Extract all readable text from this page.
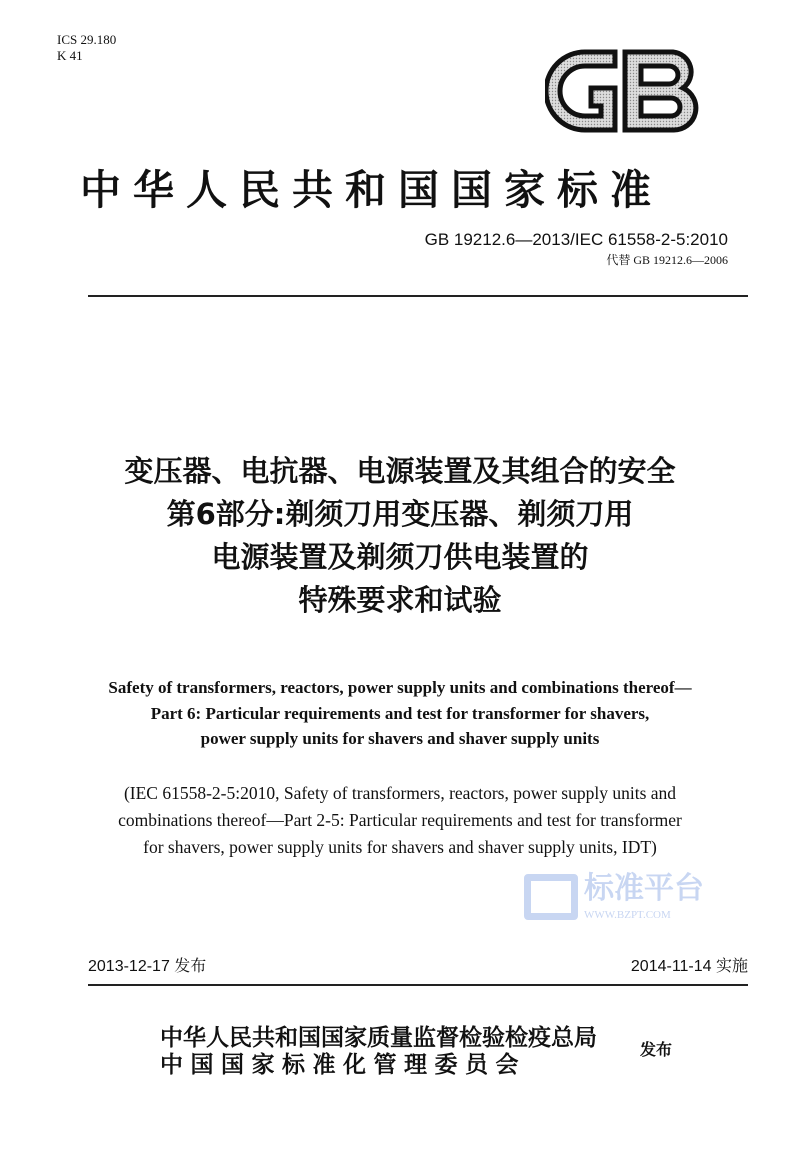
ICS 29.180
K 41
中华人民共和国国家标准
GB 19212.6—2013/IEC 61558-2-5:2010
代替 GB 19212.6—2006
变压器、电抗器、电源装置及其组合的安全
第6部分:剃须刀用变压器、剃须刀用
电源装置及剃须刀供电装置的
特殊要求和试验
Safety of transformers, reactors, power supply units and combinations thereof—
Part 6: Particular requirements and test for transformer for shavers,
power supply units for shavers and shaver supply units
(IEC 61558-2-5:2010, Safety of transformers, reactors, power supply units and
combinations thereof—Part 2-5: Particular requirements and test for transformer
for shavers, power supply units for shavers and shaver supply units, IDT)
标准平台
WWW.BZPT.COM
2013-12-17 发布	2014-11-14 实施
中华人民共和国国家质量监督检验检疫总局
中国国家标准化管理委员会
发布
